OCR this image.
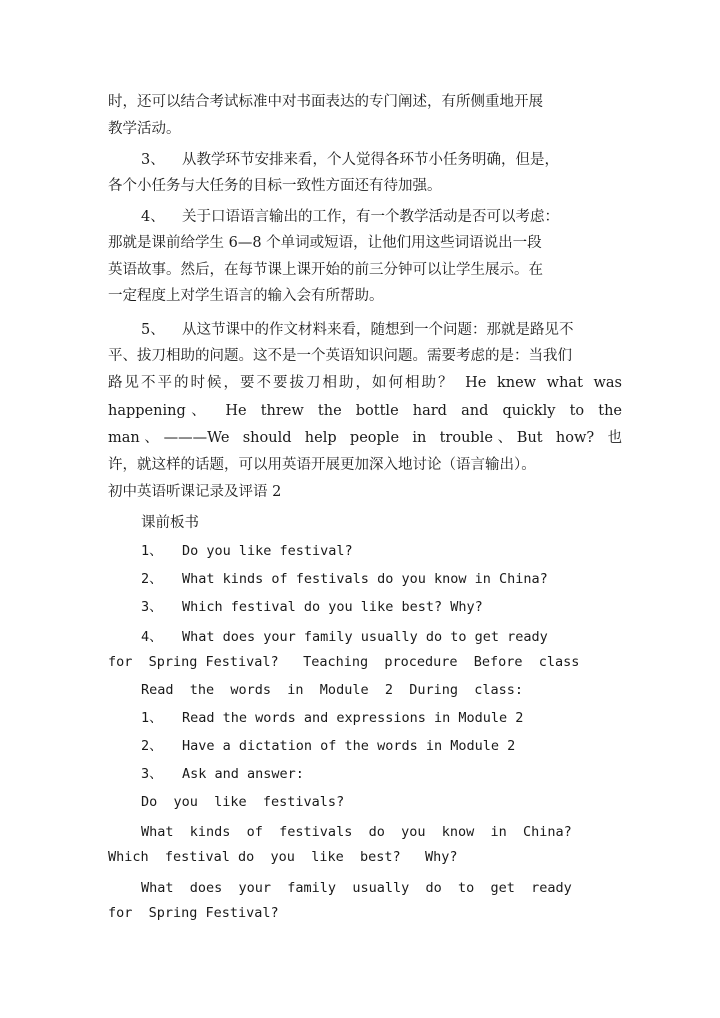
时，还可以结合考试标准中对书面表达的专门阐述，有所侧重地开展

教学活动。

3、 从教学环节安排来看，个人觉得各环节小任务明确，但是，

各个小任务与大任务的目标一致性方面还有待加强。

4、 关于口语语言输出的工作，有一个教学活动是否可以考虑：

那就是课前给学生 6—8 个单词或短语，让他们用这些词语说出一段

英语故事。然后，在每节课上课开始的前三分钟可以让学生展示。在

一定程度上对学生语言的输入会有所帮助。

5、 从这节课中的作文材料来看，随想到一个问题：那就是路见不

平、拔刀相助的问题。这不是一个英语知识问题。需要考虑的是：当我们

路见不平的时候，要不要拔刀相助，如何相助？ He knew what was

happening、 He threw the bottle hard and quickly to the

man、———We should help people in trouble、But how? 也

许，就这样的话题，可以用英语开展更加深入地讨论（语言输出）。

初中英语听课记录及评语 2

课前板书

1、 Do you like festival?

2、 What kinds of festivals do you know in China?

3、 Which festival do you like best? Why?

4、 What does your family usually do to get ready

for  Spring Festival?   Teaching  procedure  Before  class

Read  the  words  in  Module  2  During  class:

1、 Read the words and expressions in Module 2

2、 Have a dictation of the words in Module 2

3、 Ask and answer:

Do  you  like  festivals?

What  kinds  of  festivals  do  you  know  in  China?

Which  festival do  you  like  best?   Why?

What  does  your  family  usually  do  to  get  ready

for  Spring Festival?
